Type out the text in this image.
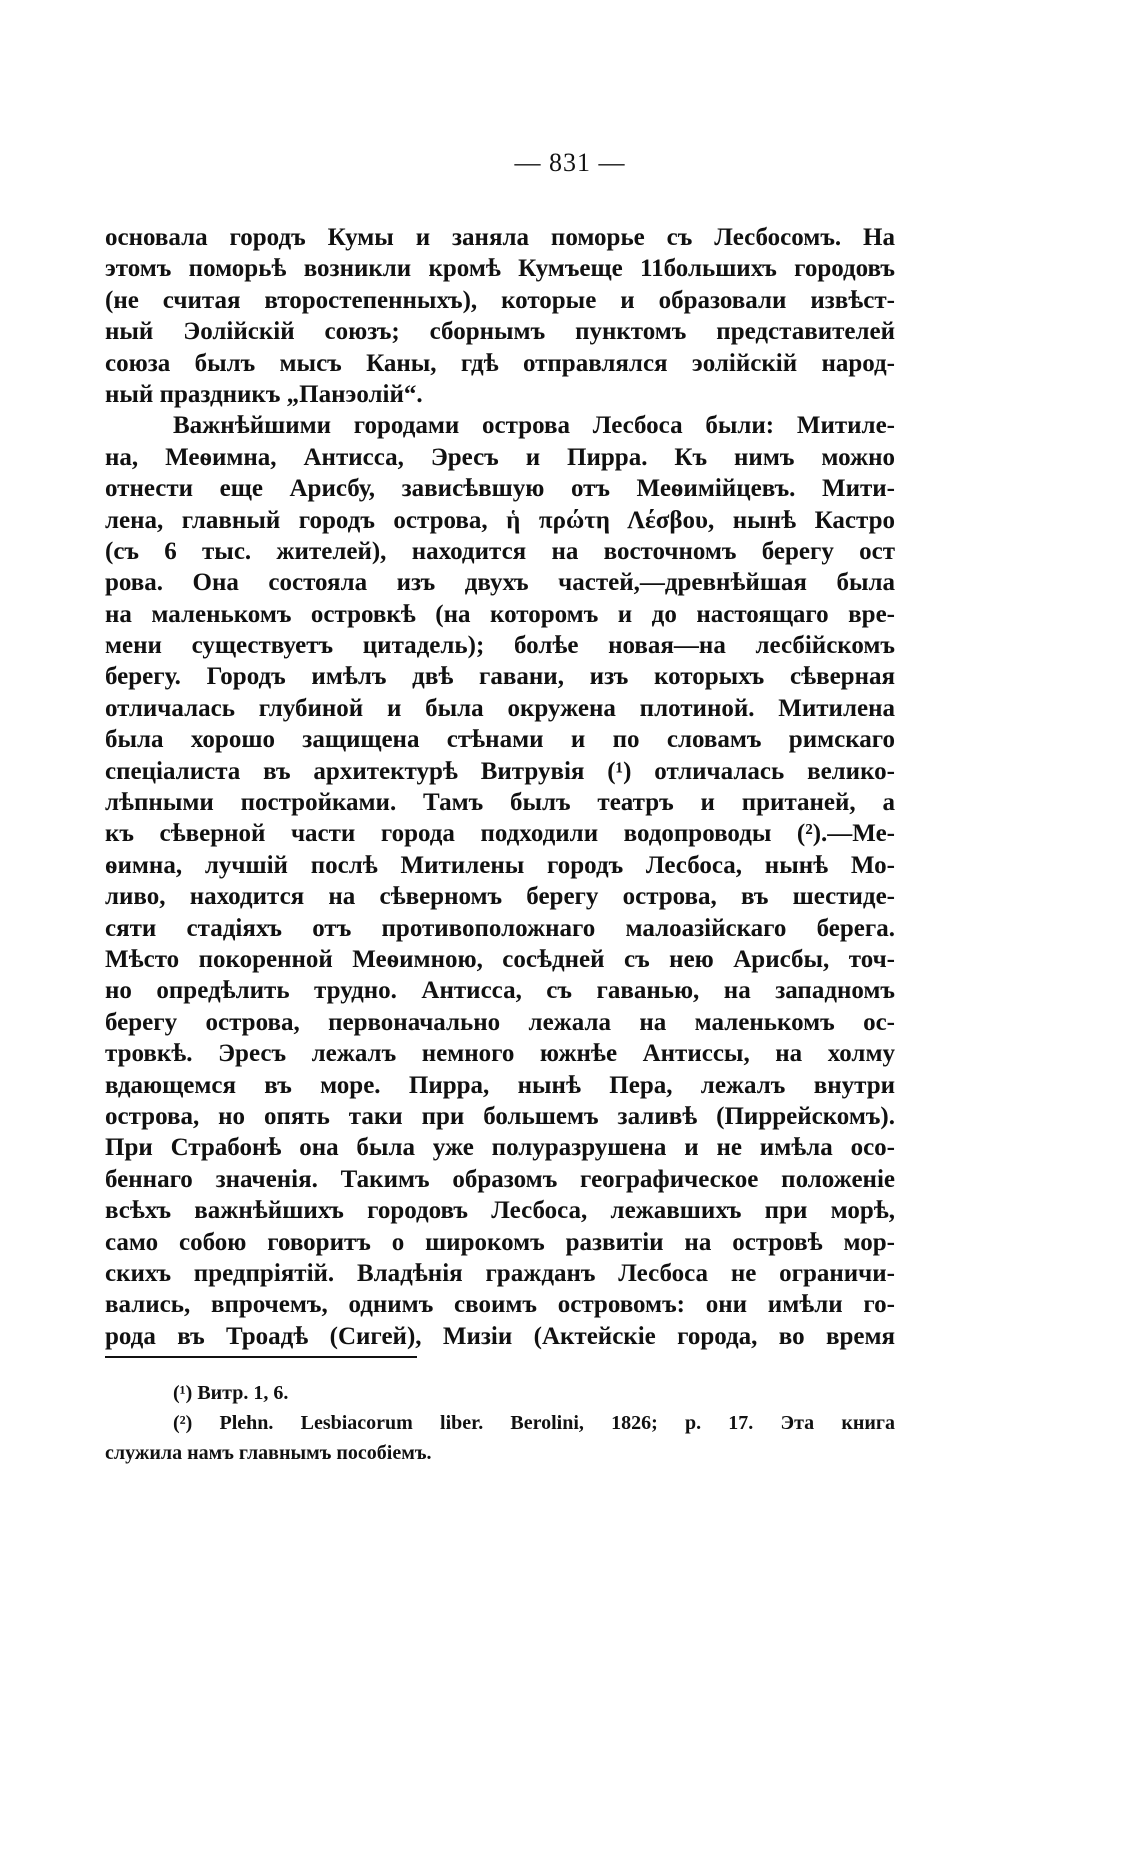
— 831 —
основала городъ Кумы и заняла поморье съ Лесбосомъ. На
этомъ поморьѣ возникли кромѣ Кумъеще 11большихъ городовъ
(не считая второстепенныхъ), которые и образовали извѣст-
ный Эолійскій союзъ; сборнымъ пунктомъ представителей
союза былъ мысъ Каны, гдѣ отправлялся эолійскій народ-
ный праздникъ „Панэолій“.
Важнѣйшими городами острова Лесбоса были: Митиле-
на, Меѳимна, Антисса, Эресъ и Пирра. Къ нимъ можно
отнести еще Арисбу, зависѣвшую отъ Меѳимійцевъ. Мити-
лена, главный городъ острова, ἡ πρώτη Λέσβου, нынѣ Кастро
(съ 6 тыс. жителей), находится на восточномъ берегу ост
рова. Она состояла изъ двухъ частей,—древнѣйшая была
на маленькомъ островкѣ (на которомъ и до настоящаго вре-
мени существуетъ цитадель); болѣе новая—на лесбійскомъ
берегу. Городъ имѣлъ двѣ гавани, изъ которыхъ сѣверная
отличалась глубиной и была окружена плотиной. Митилена
была хорошо защищена стѣнами и по словамъ римскаго
спеціалиста въ архитектурѣ Витрувія (¹) отличалась велико-
лѣпными постройками. Тамъ былъ театръ и пританей, а
къ сѣверной части города подходили водопроводы (²).—Ме-
ѳимна, лучшій послѣ Митилены городъ Лесбоса, нынѣ Мо-
ливо, находится на сѣверномъ берегу острова, въ шестиде-
сяти стадіяхъ отъ противоположнаго малоазійскаго берега.
Мѣсто покоренной Меѳимною, сосѣдней съ нею Арисбы, точ-
но опредѣлить трудно. Антисса, съ гаванью, на западномъ
берегу острова, первоначально лежала на маленькомъ ос-
тровкѣ. Эресъ лежалъ немного южнѣе Антиссы, на холму
вдающемся въ море. Пирра, нынѣ Пера, лежалъ внутри
острова, но опять таки при большемъ заливѣ (Пиррейскомъ).
При Страбонѣ она была уже полуразрушена и не имѣла осо-
беннаго значенія. Такимъ образомъ географическое положеніе
всѣхъ важнѣйшихъ городовъ Лесбоса, лежавшихъ при морѣ,
само собою говоритъ о широкомъ развитіи на островѣ мор-
скихъ предпріятій. Владѣнія гражданъ Лесбоса не ограничи-
вались, впрочемъ, однимъ своимъ островомъ: они имѣли го-
рода въ Троадѣ (Сигей), Мизіи (Актейскіе города, во время
(¹) Витр. 1, 6.
(²) Plehn. Lesbiacorum liber. Berolini, 1826; p. 17. Эта книга
служила намъ главнымъ пособіемъ.
